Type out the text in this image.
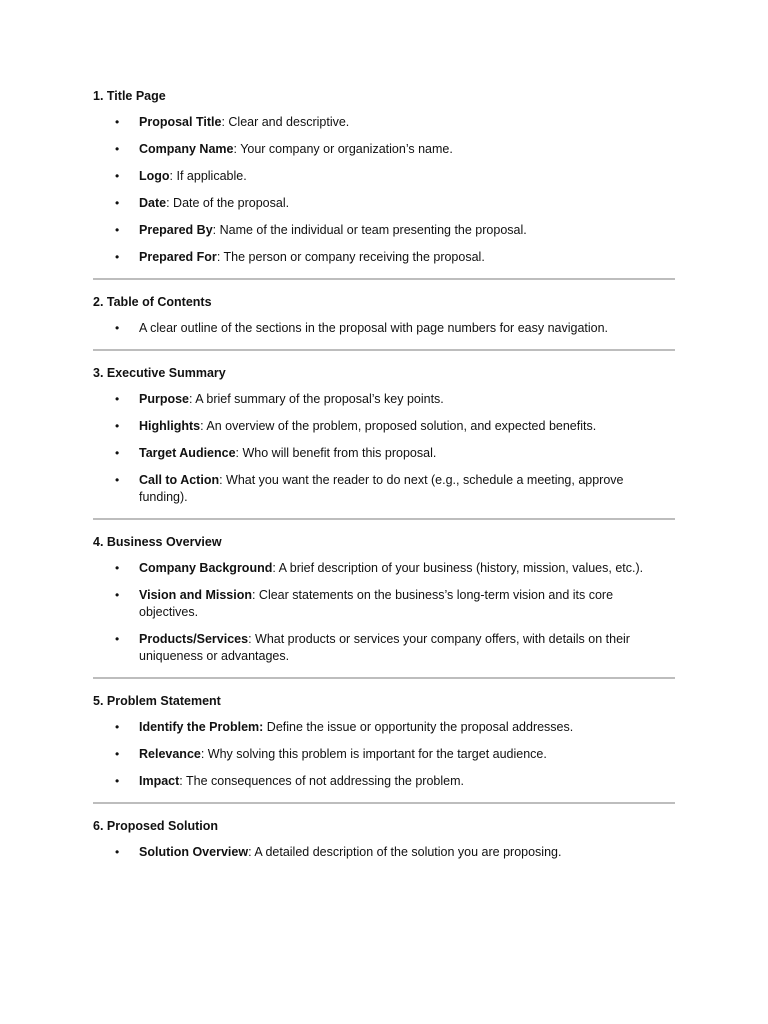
1. Title Page
• Proposal Title: Clear and descriptive.
• Company Name: Your company or organization’s name.
• Logo: If applicable.
• Date: Date of the proposal.
• Prepared By: Name of the individual or team presenting the proposal.
• Prepared For: The person or company receiving the proposal.
2. Table of Contents
• A clear outline of the sections in the proposal with page numbers for easy navigation.
3. Executive Summary
• Purpose: A brief summary of the proposal’s key points.
• Highlights: An overview of the problem, proposed solution, and expected benefits.
• Target Audience: Who will benefit from this proposal.
• Call to Action: What you want the reader to do next (e.g., schedule a meeting, approve funding).
4. Business Overview
• Company Background: A brief description of your business (history, mission, values, etc.).
• Vision and Mission: Clear statements on the business’s long-term vision and its core objectives.
• Products/Services: What products or services your company offers, with details on their uniqueness or advantages.
5. Problem Statement
• Identify the Problem: Define the issue or opportunity the proposal addresses.
• Relevance: Why solving this problem is important for the target audience.
• Impact: The consequences of not addressing the problem.
6. Proposed Solution
• Solution Overview: A detailed description of the solution you are proposing.
